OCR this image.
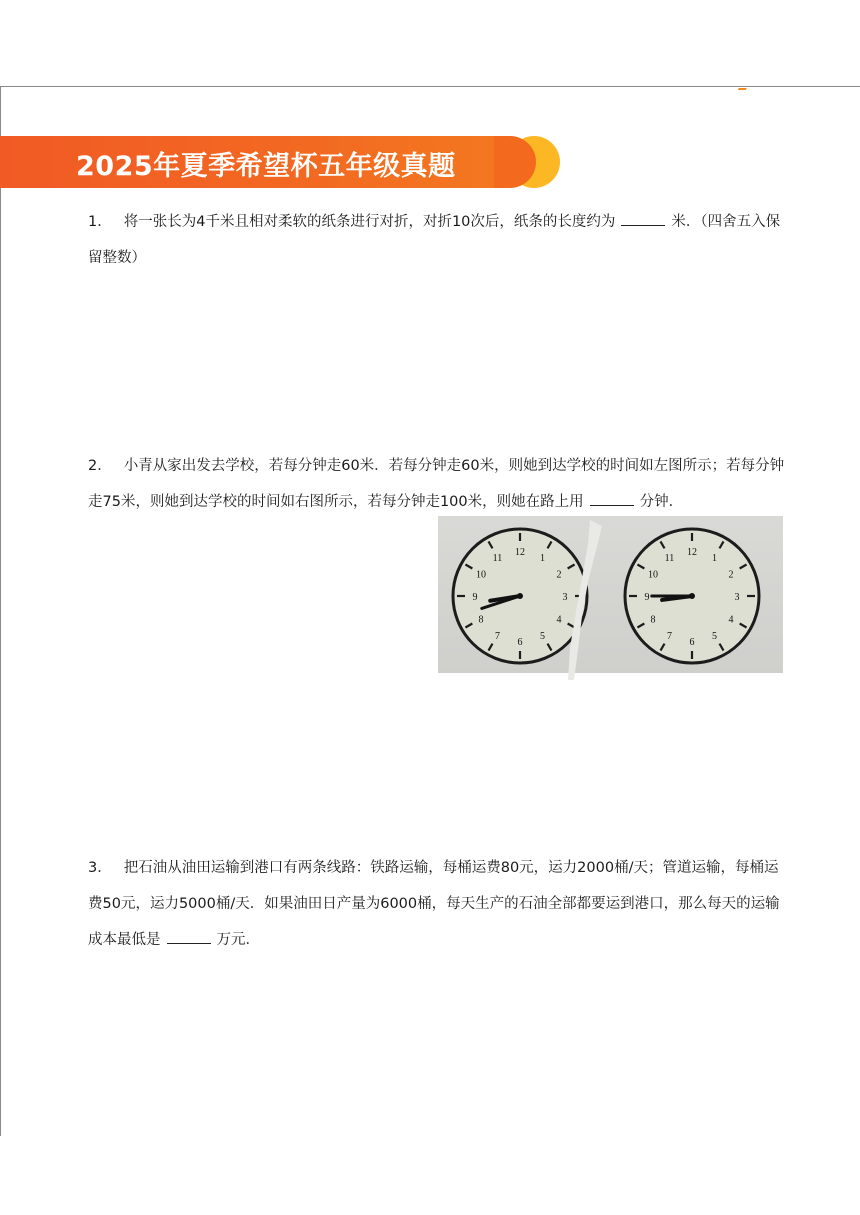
2025年夏季希望杯五年级真题
1． 将一张长为4千米且相对柔软的纸条进行对折，对折10次后，纸条的长度约为	米．（四舍五入保留整数）
2． 小青从家出发去学校，若每分钟走60米．若每分钟走60米，则她到达学校的时间如左图所示；若每分钟走75米，则她到达学校的时间如右图所示，若每分钟走100米，则她在路上用	分钟．
12
1
2
3
4
5
6
7
8
9
10
11
12
1
2
3
4
5
6
7
8
9
10
11
3． 把石油从油田运输到港口有两条线路：铁路运输，每桶运费80元，运力2000桶/天；管道运输，每桶运费50元，运力5000桶/天．如果油田日产量为6000桶，每天生产的石油全部都要运到港口，那么每天的运输成本最低是	万元．
